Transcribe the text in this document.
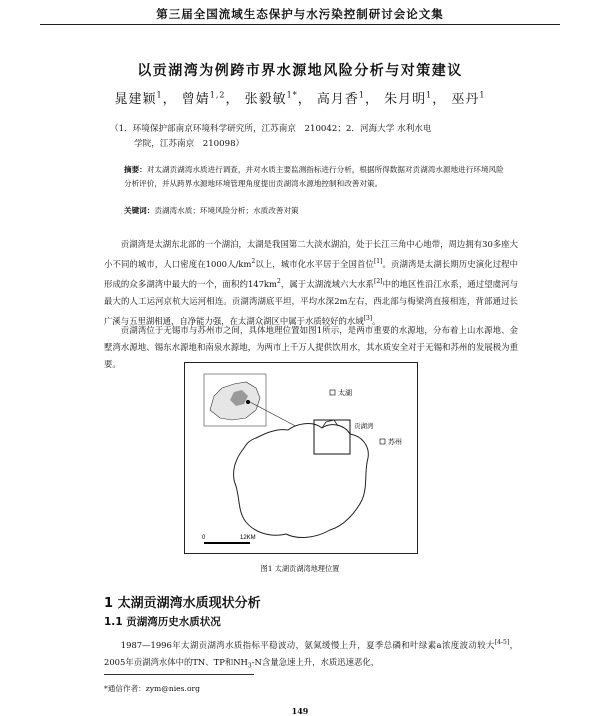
第三届全国流域生态保护与水污染控制研讨会论文集
以贡湖湾为例跨市界水源地风险分析与对策建议
晁建颖$^1$， 曾婧$^{1,2}$， 张毅敏$^{1*}$， 高月香$^1$， 朱月明$^1$， 巫丹$^1$
（1．环境保护部南京环境科学研究所，江苏南京　210042；2．河海大学 水利水电
学院，江苏南京　210098）
摘要：对太湖贡湖湾水质进行调查，并对水质主要监测指标进行分析，根据所得数据对贡湖湾水源地进行环境风险分析评价，并从跨界水源地环境管理角度提出贡湖湾水源地控制和改善对策。
关键词：贡湖湾水质；环境风险分析；水质改善对策
贡湖湾是太湖东北部的一个湖泊，太湖是我国第二大淡水湖泊，处于长江三角中心地带，周边拥有30多座大小不同的城市，人口密度在1000人$/km^2$以上，城市化水平居于全国首位[1]。贡湖湾是太湖长期历史演化过程中形成的众多湖湾中最大的一个，面积约$147km^2$，属于太湖流域六大水系[2]中的地区性沿江水系，通过望虞河与最大的人工运河京杭大运河相连。贡湖湾湖底平坦，平均水深2m左右，西北部与梅梁湾直接相连，背部通过长广溪与五里湖相通，自净能力强，在太湖众湖区中属于水质较好的水域[3]。
贡湖湾位于无锡市与苏州市之间，具体地理位置如图1所示，是两市重要的水源地，分布着上山水源地、金墅湾水源地、锡东水源地和南泉水源地，为两市上千万人提供饮用水，其水质安全对于无锡和苏州的发展极为重要。
太湖
贡湖湾
苏州
0	12KM
图1 太湖贡湖湾地理位置
1 太湖贡湖湾水质现状分析
1.1 贡湖湾历史水质状况
1987—1996年太湖贡湖湾水质指标平稳波动，氨氮缓慢上升，夏季总磷和叶绿素a浓度波动较大[4-5]，2005年贡湖湾水体中的TN、TP和$NH_3-N$含量急速上升，水质迅速恶化，
*通信作者：zym@nies.org
149
